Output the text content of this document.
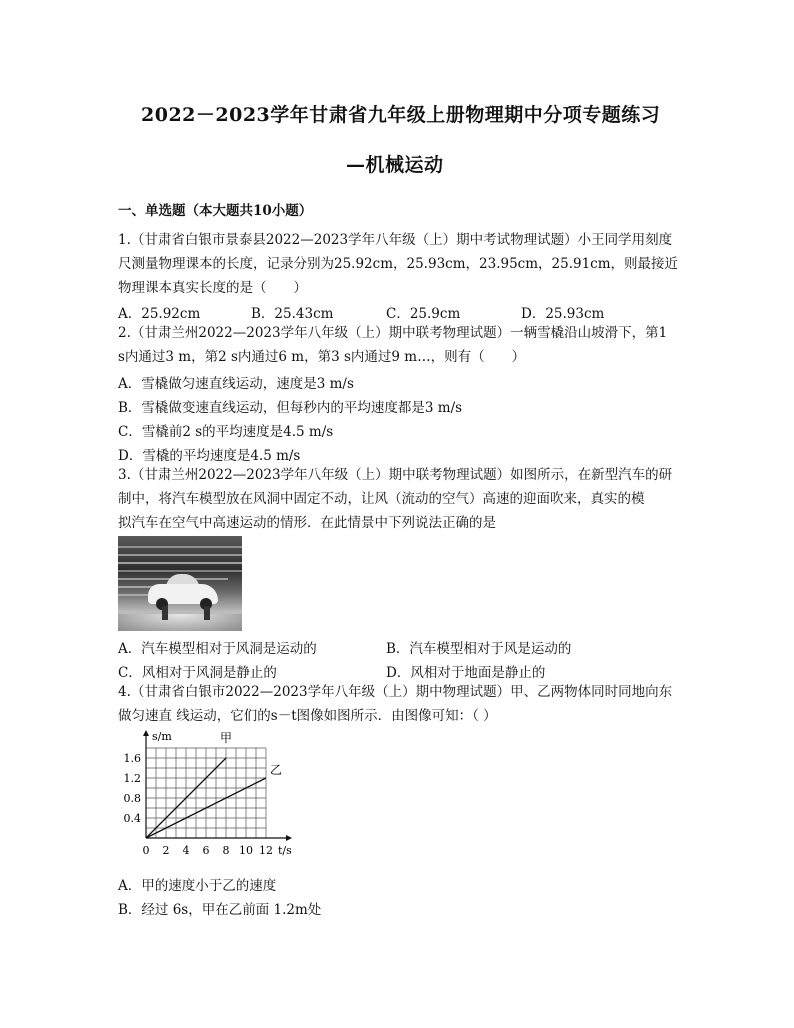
2022－2023学年甘肃省九年级上册物理期中分项专题练习
—机械运动
一、单选题（本大题共10小题）
1.（甘肃省白银市景泰县2022—2023学年八年级（上）期中考试物理试题）小王同学用刻度
尺测量物理课本的长度，记录分别为25.92cm，25.93cm，23.95cm，25.91cm，则最接近
物理课本真实长度的是（　　）
A．25.92cm	B．25.43cm	C．25.9cm	D．25.93cm
2.（甘肃兰州2022—2023学年八年级（上）期中联考物理试题）一辆雪橇沿山坡滑下，第1
s内通过3 m，第2 s内通过6 m，第3 s内通过9 m…，则有（　　）
A．雪橇做匀速直线运动，速度是3 m/s
B．雪橇做变速直线运动，但每秒内的平均速度都是3 m/s
C．雪橇前2 s的平均速度是4.5 m/s
D．雪橇的平均速度是4.5 m/s
3.（甘肃兰州2022—2023学年八年级（上）期中联考物理试题）如图所示，在新型汽车的研
制中，将汽车模型放在风洞中固定不动，让风（流动的空气）高速的迎面吹来，真实的模
拟汽车在空气中高速运动的情形．在此情景中下列说法正确的是
A．汽车模型相对于风洞是运动的	B．汽车模型相对于风是运动的
C．风相对于风洞是静止的	D．风相对于地面是静止的
4.（甘肃省白银市2022—2023学年八年级（上）期中物理试题）甲、乙两物体同时同地向东
做匀速直 线运动，它们的s－t图像如图所示．由图像可知：（ ）
0 2 4 6 8 10 12
0.4
0.8
1.2
1.6
甲
乙
s/m
t/s
A．甲的速度小于乙的速度
B．经过 6s，甲在乙前面 1.2m处
